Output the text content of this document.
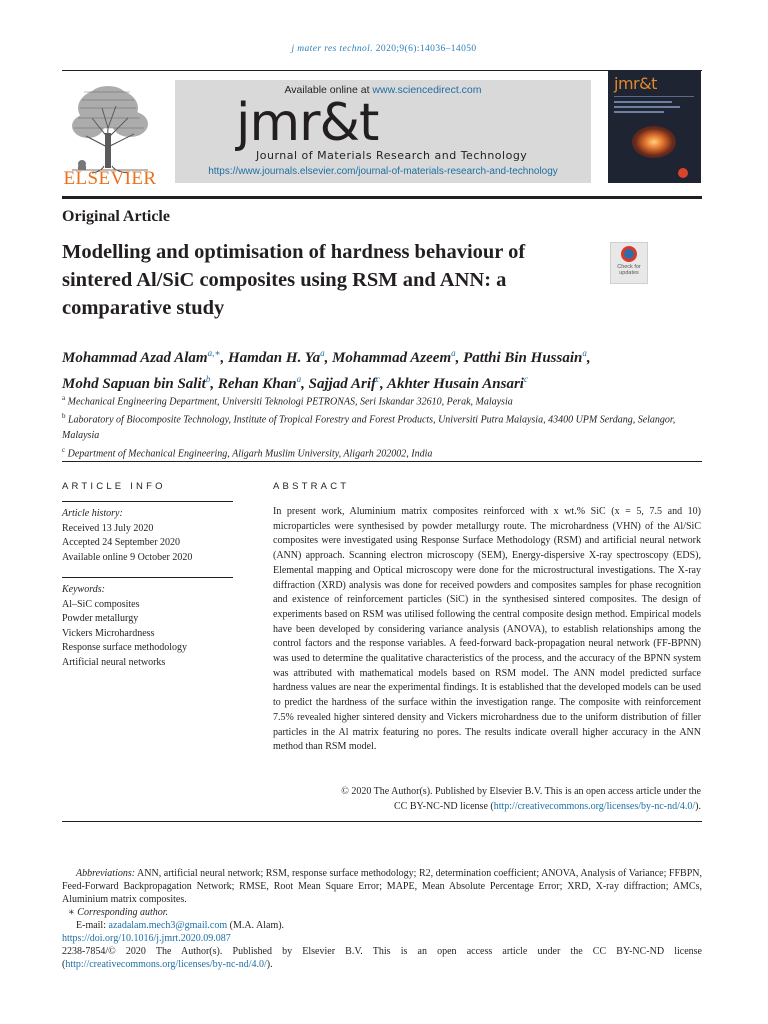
j mater res technol. 2020;9(6):14036–14050
ELSEVIER
Available online at www.sciencedirect.com
jmr&t
Journal of Materials Research and Technology
https://www.journals.elsevier.com/journal-of-materials-research-and-technology
jmr&t
Original Article
Modelling and optimisation of hardness behaviour of sintered Al/SiC composites using RSM and ANN: a comparative study
Check for updates

Mohammad Azad Alam$^{a,∗}$, Hamdan H. Ya$^a$, Mohammad Azeem$^a$, Patthi Bin Hussain$^a$,
Mohd Sapuan bin Salit$^b$, Rehan Khan$^a$, Sajjad Arif$^c$, Akhter Husain Ansari$^c$

$^a$ Mechanical Engineering Department, Universiti Teknologi PETRONAS, Seri Iskandar 32610, Perak, Malaysia
$^b$ Laboratory of Biocomposite Technology, Institute of Tropical Forestry and Forest Products, Universiti Putra Malaysia, 43400 UPM Serdang, Selangor, Malaysia
$^c$ Department of Mechanical Engineering, Aligarh Muslim University, Aligarh 202002, India
ARTICLE INFO	ABSTRACT
Article history:
Received 13 July 2020
Accepted 24 September 2020
Available online 9 October 2020
Keywords:
Al–SiC composites
Powder metallurgy
Vickers Microhardness
Response surface methodology
Artificial neural networks

In present work, Aluminium matrix composites reinforced with x wt.% SiC (x = 5, 7.5 and 10) microparticles were synthesised by powder metallurgy route. The microhardness (VHN) of the Al/SiC composites were investigated using Response Surface Methodology (RSM) and artificial neural network (ANN) approach. Scanning electron microscopy (SEM), Energy-dispersive X-ray spectroscopy (EDS), Elemental mapping and Optical microscopy were done for the microstructural investigations. The X-ray diffraction (XRD) analysis was done for received powders and composites samples for phase recognition and existence of reinforcement particles (SiC) in the synthesised sintered composites. The design of experiments based on RSM was utilised following the central composite design method. Empirical models have been developed by considering variance analysis (ANOVA), to establish relationships among the control factors and the response variables. A feed-forward back-propagation neural network (FF-BPNN) was used to determine the qualitative characteristics of the process, and the accuracy of the BPNN system was attributed with mathematical models based on RSM model. The ANN model predicted surface hardness values are near the experimental findings. It is established that the developed models can be used to predict the hardness of the surface within the investigation range. The composite with reinforcement 7.5% revealed higher sintered density and Vickers microhardness due to the uniform distribution of filler particles in the Al matrix featuring no pores. The results indicate overall higher accuracy in the ANN method than RSM model.

© 2020 The Author(s). Published by Elsevier B.V. This is an open access article under the
CC BY-NC-ND license (http://creativecommons.org/licenses/by-nc-nd/4.0/).

Abbreviations: ANN, artificial neural network; RSM, response surface methodology; R2, determination coefficient; ANOVA, Analysis of Variance; FFBPN, Feed-Forward Backpropagation Network; RMSE, Root Mean Square Error; MAPE, Mean Absolute Percentage Error; XRD, X-ray diffraction; AMCs, Aluminium matrix composites.

∗ Corresponding author.
E-mail: azadalam.mech3@gmail.com (M.A. Alam).
https://doi.org/10.1016/j.jmrt.2020.09.087

2238-7854/© 2020 The Author(s). Published by Elsevier B.V. This is an open access article under the CC BY-NC-ND license (http://creativecommons.org/licenses/by-nc-nd/4.0/).
